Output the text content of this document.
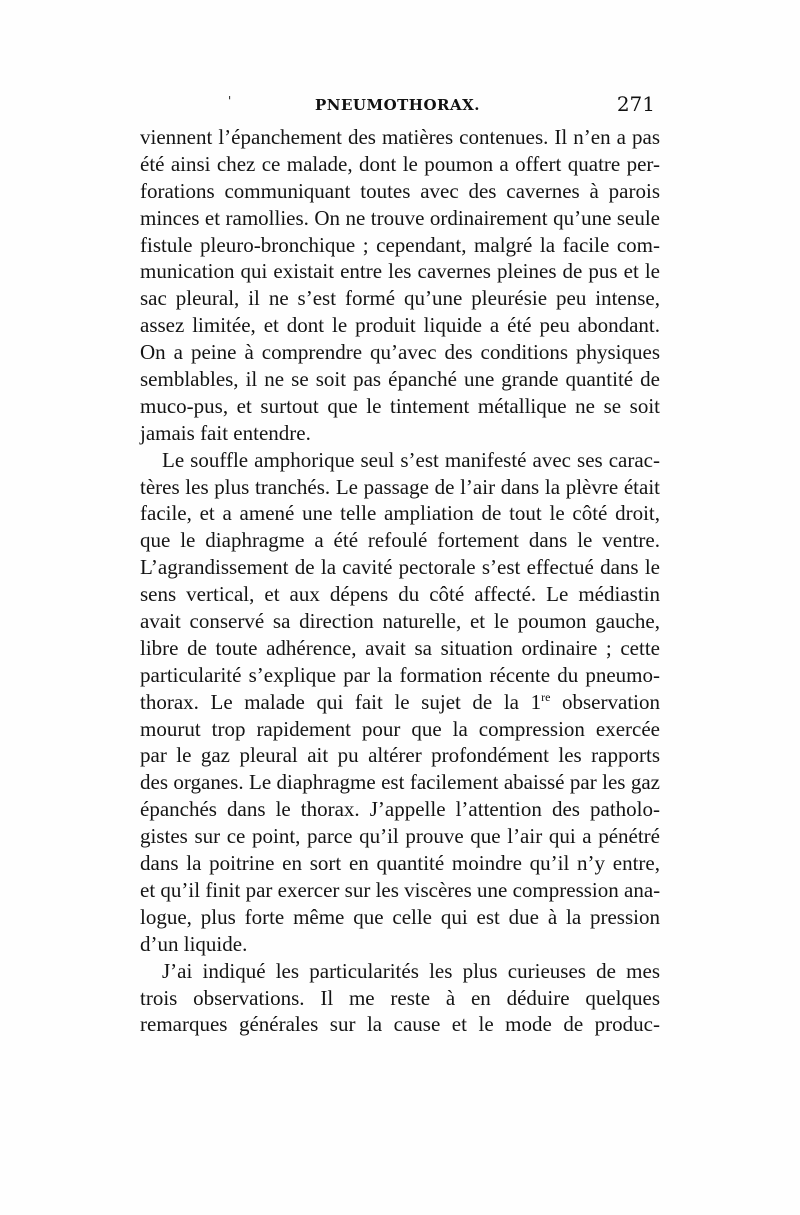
'	PNEUMOTHORAX.	271
viennent l’épanchement des matières contenues. Il n’en a pas
été ainsi chez ce malade, dont le poumon a offert quatre per-
forations communiquant toutes avec des cavernes à parois
minces et ramollies. On ne trouve ordinairement qu’une seule
fistule pleuro-bronchique ; cependant, malgré la facile com-
munication qui existait entre les cavernes pleines de pus et le
sac pleural, il ne s’est formé qu’une pleurésie peu intense,
assez limitée, et dont le produit liquide a été peu abondant.
On a peine à comprendre qu’avec des conditions physiques
semblables, il ne se soit pas épanché une grande quantité de
muco-pus, et surtout que le tintement métallique ne se soit
jamais fait entendre.
Le souffle amphorique seul s’est manifesté avec ses carac-
tères les plus tranchés. Le passage de l’air dans la plèvre était
facile, et a amené une telle ampliation de tout le côté droit,
que le diaphragme a été refoulé fortement dans le ventre.
L’agrandissement de la cavité pectorale s’est effectué dans le
sens vertical, et aux dépens du côté affecté. Le médiastin
avait conservé sa direction naturelle, et le poumon gauche,
libre de toute adhérence, avait sa situation ordinaire ; cette
particularité s’explique par la formation récente du pneumo-
thorax. Le malade qui fait le sujet de la 1re observation
mourut trop rapidement pour que la compression exercée
par le gaz pleural ait pu altérer profondément les rapports
des organes. Le diaphragme est facilement abaissé par les gaz
épanchés dans le thorax. J’appelle l’attention des patholo-
gistes sur ce point, parce qu’il prouve que l’air qui a pénétré
dans la poitrine en sort en quantité moindre qu’il n’y entre,
et qu’il finit par exercer sur les viscères une compression ana-
logue, plus forte même que celle qui est due à la pression
d’un liquide.
J’ai indiqué les particularités les plus curieuses de mes
trois observations. Il me reste à en déduire quelques
remarques générales sur la cause et le mode de produc-
